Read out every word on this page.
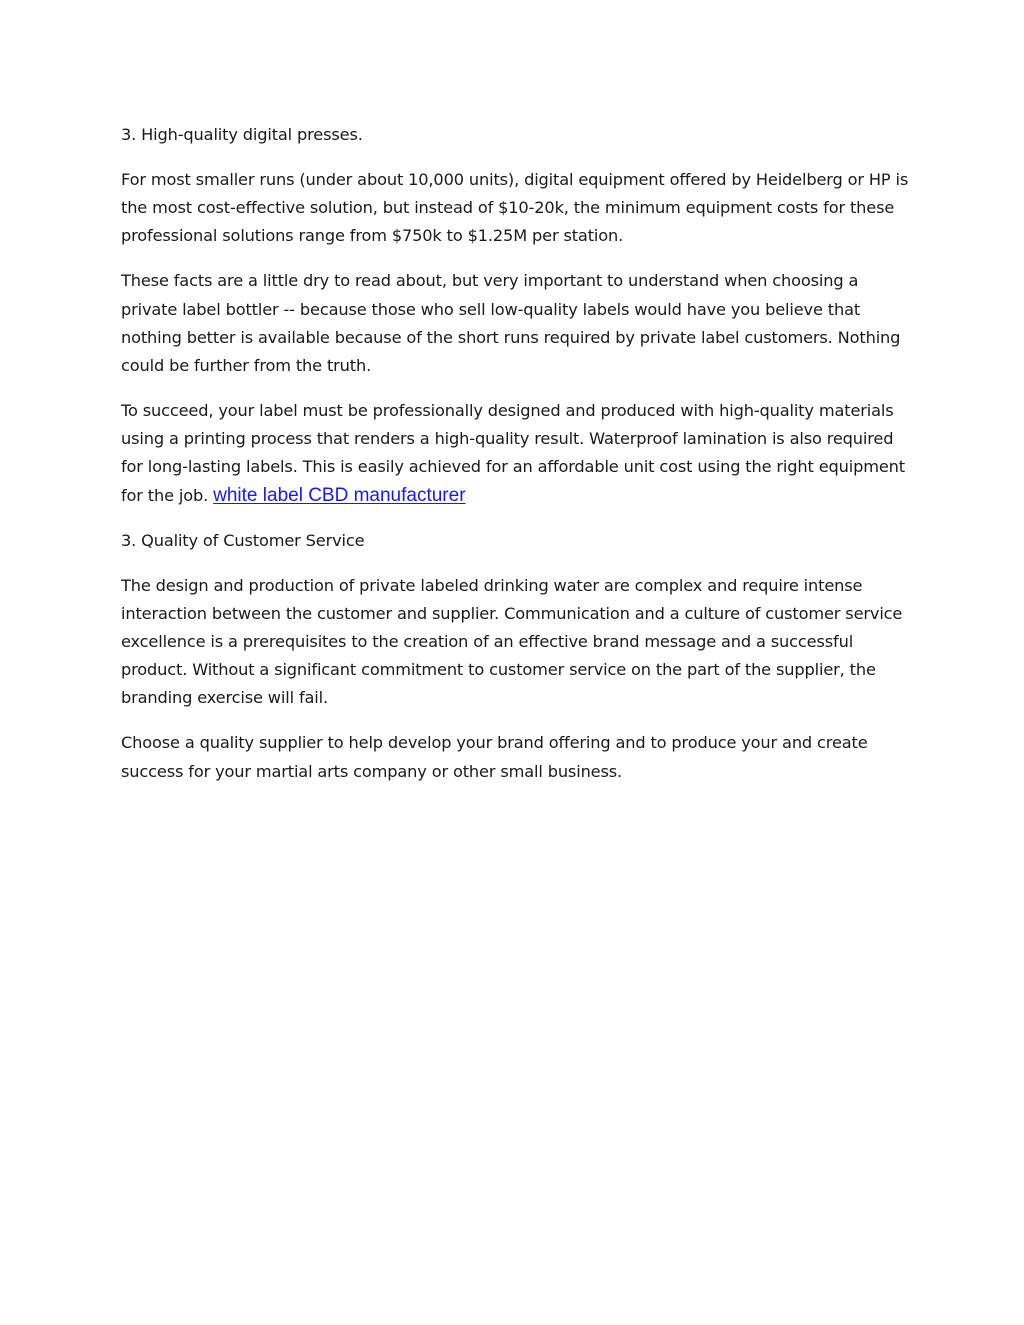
3. High-quality digital presses.

For most smaller runs (under about 10,000 units), digital equipment offered by Heidelberg or HP is the most cost-effective solution, but instead of $10-20k, the minimum equipment costs for these professional solutions range from $750k to $1.25M per station.

These facts are a little dry to read about, but very important to understand when choosing a private label bottler -- because those who sell low-quality labels would have you believe that nothing better is available because of the short runs required by private label customers. Nothing could be further from the truth.

To succeed, your label must be professionally designed and produced with high-quality materials using a printing process that renders a high-quality result. Waterproof lamination is also required for long-lasting labels. This is easily achieved for an affordable unit cost using the right equipment for the job. white label CBD manufacturer

3. Quality of Customer Service

The design and production of private labeled drinking water are complex and require intense interaction between the customer and supplier. Communication and a culture of customer service excellence is a prerequisites to the creation of an effective brand message and a successful product. Without a significant commitment to customer service on the part of the supplier, the branding exercise will fail.

Choose a quality supplier to help develop your brand offering and to produce your and create success for your martial arts company or other small business.
